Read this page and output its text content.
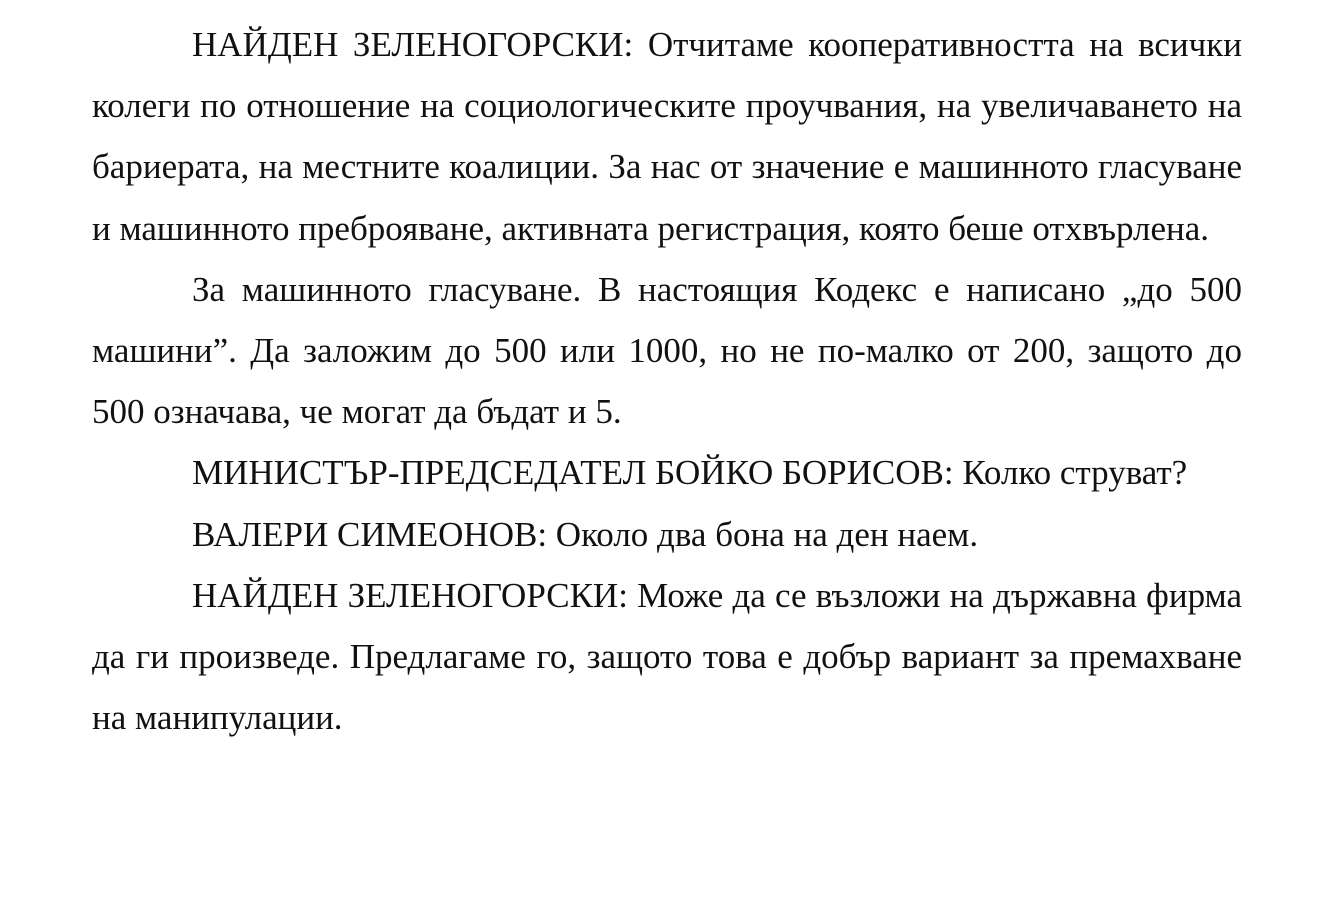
НАЙДЕН ЗЕЛЕНОГОРСКИ: Отчитаме кооперативността на всички колеги по отношение на социологическите проучвания, на увеличаването на бариерата, на местните коалиции. За нас от значение е машинното гласуване и машинното преброяване, активната регистрация, която беше отхвърлена.

За машинното гласуване. В настоящия Кодекс е написано „до 500 машини”. Да заложим до 500 или 1000, но не по-малко от 200, защото до 500 означава, че могат да бъдат и 5.

МИНИСТЪР-ПРЕДСЕДАТЕЛ БОЙКО БОРИСОВ: Колко струват?

ВАЛЕРИ СИМЕОНОВ: Около два бона на ден наем.

НАЙДЕН ЗЕЛЕНОГОРСКИ: Може да се възложи на държавна фирма да ги произведе. Предлагаме го, защото това е добър вариант за премахване на манипулации.
